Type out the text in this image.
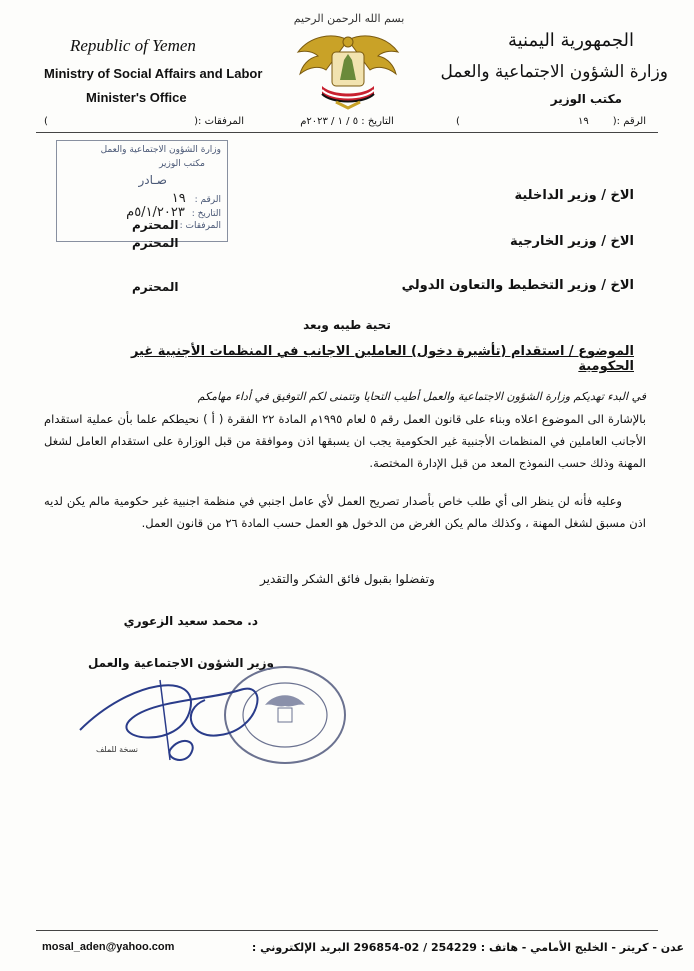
بسم الله الرحمن الرحيم
Republic of Yemen
Ministry of Social Affairs and Labor
Minister's Office
المرفقات :(
)
الجمهورية اليمنية
وزارة الشؤون الاجتماعية والعمل
مكتب الوزير
الرقم :(
١٩
)
التاريخ : ٥ / ١ / ٢٠٢٣م
وزارة الشؤون الاجتماعية والعمل
مكتب الوزير
صـادر
الرقم : ١٩
التاريخ : ٥/١/٢٠٢٣م
المرفقات :
الاخ / وزير الداخلية
المحترم
الاخ / وزير الخارجية
المحترم
الاخ / وزير التخطيط والتعاون الدولي
المحترم
تحية طيبه وبعد
الموضوع / استقدام (تأشيرة دخول) العاملين الاجانب في المنظمات الأجنبية غير الحكومية
في البدء تهديكم وزارة الشؤون الاجتماعية والعمل أطيب التحايا وتتمنى لكم التوفيق في أداء مهامكم
بالإشارة الى الموضوع اعلاه وبناء على قانون العمل رقم ٥ لعام ١٩٩٥م المادة ٢٢ الفقرة ( أ ) نحيطكم علما بأن عملية استقدام الأجانب العاملين في المنظمات الأجنبية غير الحكومية يجب ان يسبقها اذن وموافقة من قبل الوزارة على استقدام العامل لشغل المهنة وذلك حسب النموذج المعد من قبل الإدارة المختصة.
وعليه فأنه لن ينظر الى أي طلب خاص بأصدار تصريح العمل لأي عامل اجنبي في منظمة اجنبية غير حكومية مالم يكن لديه اذن مسبق لشغل المهنة ، وكذلك مالم يكن الغرض من الدخول هو العمل حسب المادة ٢٦ من قانون العمل.
وتفضلوا بقبول فائق الشكر والتقدير
د. محمد سعيد الزعوري
وزير الشؤون الاجتماعية والعمل
نسخة للملف
عدن - كريتر - الخليج الأمامي - هاتف : 254229 / 02-296854 البريد الإلكتروني :
mosal_aden@yahoo.com
